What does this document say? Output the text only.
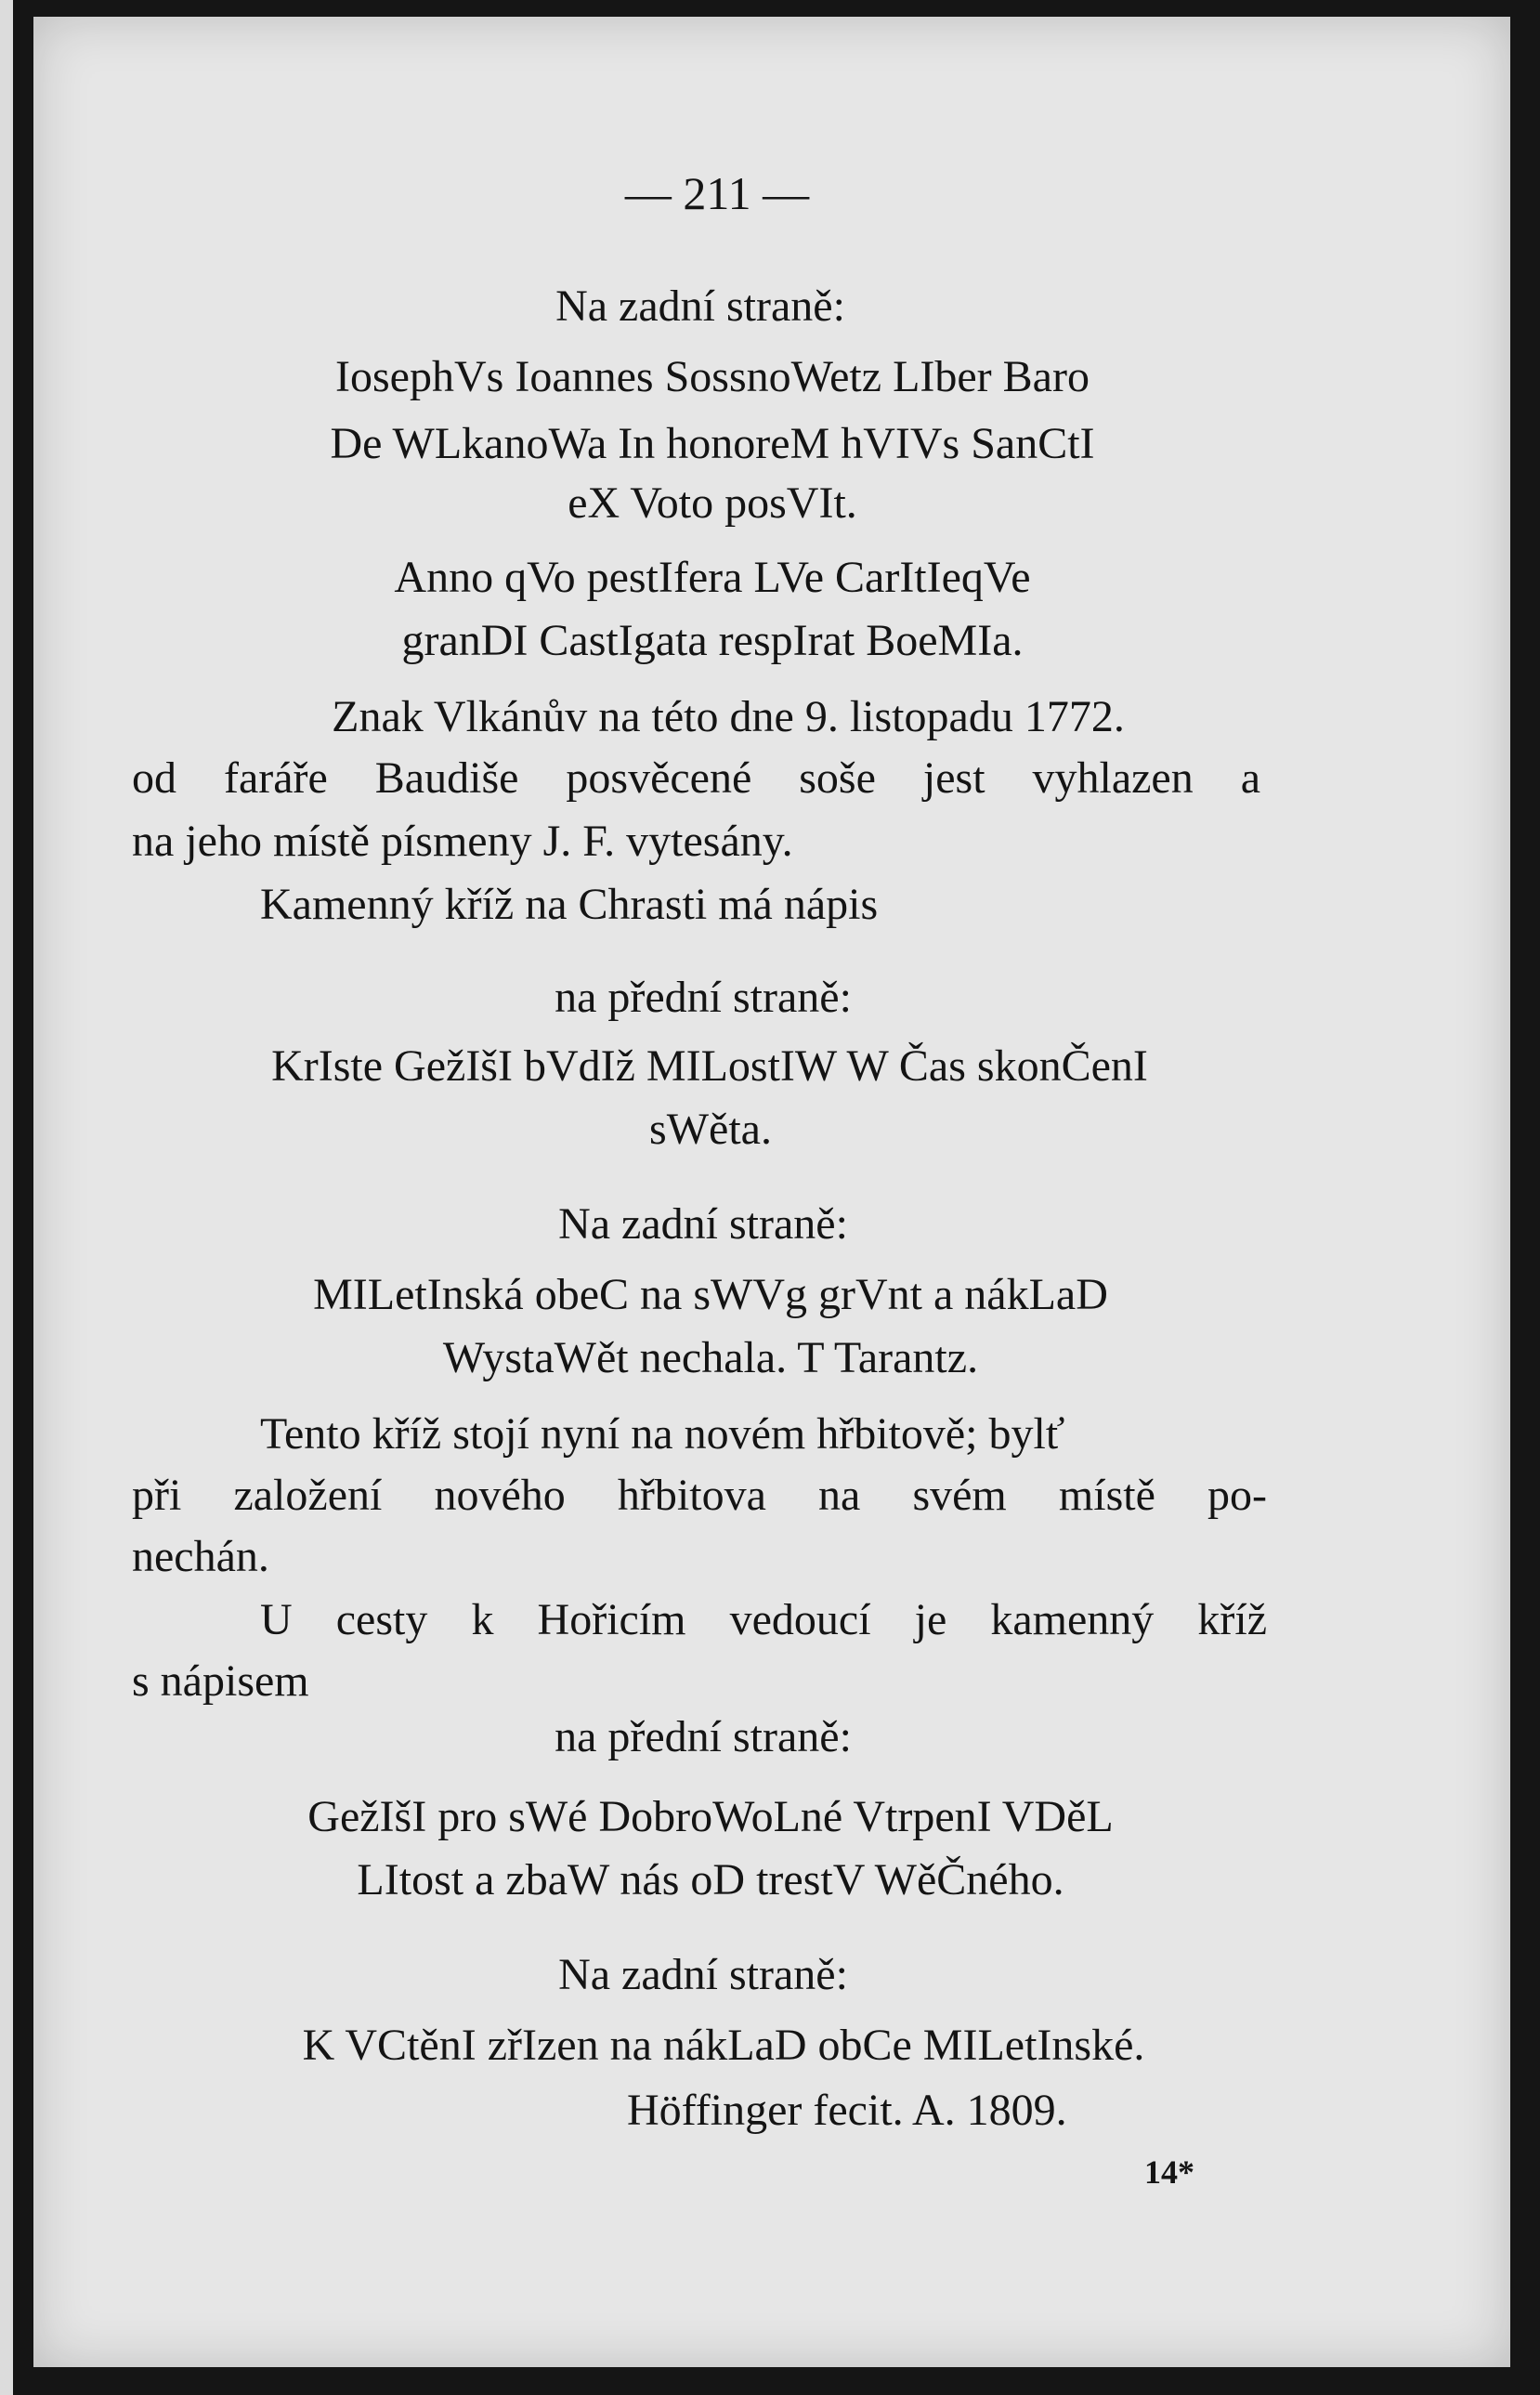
— 211 —

Na zadní straně:

IosephVs Ioannes SossnoWetz LIber Baro

De WLkanoWa In honoreM hVIVs SanCtI

eX Voto posVIt.

Anno qVo pestIfera LVe CarItIeqVe

granDI CastIgata respIrat BoeMIa.

Znak Vlkánův na této dne 9. listopadu 1772.

od faráře Baudiše posvěcené soše jest vyhlazen a

na jeho místě písmeny J. F. vytesány.

Kamenný kříž na Chrasti má nápis

na přední straně:

KrIste GežIšI bVdIž MILostIW W Čas skonČenI

sWěta.

Na zadní straně:

MILetInská obeC na sWVg grVnt a nákLaD

WystaWět nechala. T Tarantz.

Tento kříž stojí nyní na novém hřbitově; bylť

při založení nového hřbitova na svém místě po-

nechán.

U cesty k Hořicím vedoucí je kamenný kříž

s nápisem

na přední straně:

GežIšI pro sWé DobroWoLné VtrpenI VDěL

LItost a zbaW nás oD trestV WěČného.

Na zadní straně:

K VCtěnI zřIzen na nákLaD obCe MILetInské.

Höffinger fecit. A. 1809.

14*
